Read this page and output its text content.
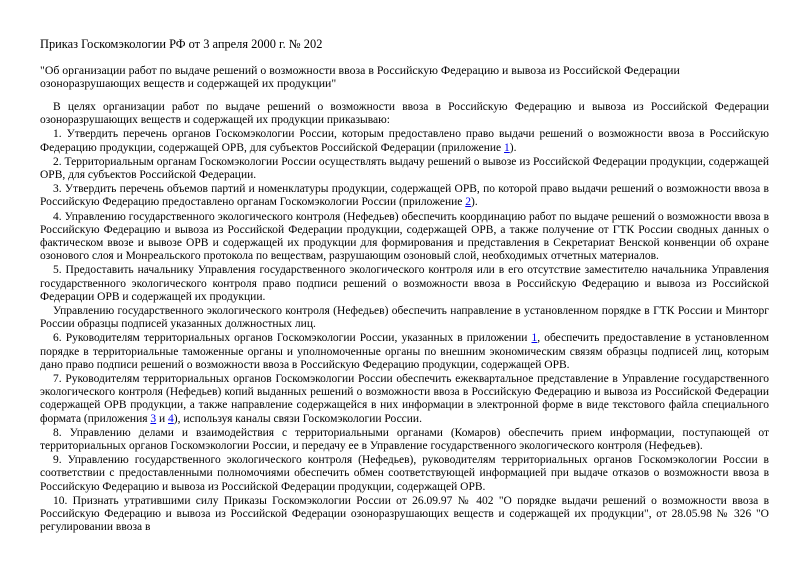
Приказ Госкомэкологии РФ от 3 апреля 2000 г. № 202
"Об организации работ по выдаче решений о возможности ввоза в Российскую Федерацию и вывоза из Российской Федерации озоноразрушающих веществ и содержащей их продукции"

В целях организации работ по выдаче решений о возможности ввоза в Российскую Федерацию и вывоза из Российской Федерации озоноразрушающих веществ и содержащей их продукции приказываю:

1. Утвердить перечень органов Госкомэкологии России, которым предоставлено право выдачи решений о возможности ввоза в Российскую Федерацию продукции, содержащей ОРВ, для субъектов Российской Федерации (приложение 1).

2. Территориальным органам Госкомэкологии России осуществлять выдачу решений о вывозе из Российской Федерации продукции, содержащей ОРВ, для субъектов Российской Федерации.

3. Утвердить перечень объемов партий и номенклатуры продукции, содержащей ОРВ, по которой право выдачи решений о возможности ввоза в Российскую Федерацию предоставлено органам Госкомэкологии России (приложение 2).

4. Управлению государственного экологического контроля (Нефедьев) обеспечить координацию работ по выдаче решений о возможности ввоза в Российскую Федерацию и вывоза из Российской Федерации продукции, содержащей ОРВ, а также получение от ГТК России сводных данных о фактическом ввозе и вывозе ОРВ и содержащей их продукции для формирования и представления в Секретариат Венской конвенции об охране озонового слоя и Монреальского протокола по веществам, разрушающим озоновый слой, необходимых отчетных материалов.

5. Предоставить начальнику Управления государственного экологического контроля или в его отсутствие заместителю начальника Управления государственного экологического контроля право подписи решений о возможности ввоза в Российскую Федерацию и вывоза из Российской Федерации ОРВ и содержащей их продукции.

Управлению государственного экологического контроля (Нефедьев) обеспечить направление в установленном порядке в ГТК России и Минторг России образцы подписей указанных должностных лиц.

6. Руководителям территориальных органов Госкомэкологии России, указанных в приложении 1, обеспечить предоставление в установленном порядке в территориальные таможенные органы и уполномоченные органы по внешним экономическим связям образцы подписей лиц, которым дано право подписи решений о возможности ввоза в Российскую Федерацию продукции, содержащей ОРВ.

7. Руководителям территориальных органов Госкомэкологии России обеспечить ежеквартальное представление в Управление государственного экологического контроля (Нефедьев) копий выданных решений о возможности ввоза в Российскую Федерацию и вывоза из Российской Федерации содержащей ОРВ продукции, а также направление содержащейся в них информации в электронной форме в виде текстового файла специального формата (приложения 3 и 4), используя каналы связи Госкомэкологии России.

8. Управлению делами и взаимодействия с территориальными органами (Комаров) обеспечить прием информации, поступающей от территориальных органов Госкомэкологии России, и передачу ее в Управление государственного экологического контроля (Нефедьев).

9. Управлению государственного экологического контроля (Нефедьев), руководителям территориальных органов Госкомэкологии России в соответствии с предоставленными полномочиями обеспечить обмен соответствующей информацией при выдаче отказов о возможности ввоза в Российскую Федерацию и вывоза из Российской Федерации продукции, содержащей ОРВ.

10. Признать утратившими силу Приказы Госкомэкологии России от 26.09.97 № 402 "О порядке выдачи решений о возможности ввоза в Российскую Федерацию и вывоза из Российской Федерации озоноразрушающих веществ и содержащей их продукции", от 28.05.98 № 326 "О регулировании ввоза в
